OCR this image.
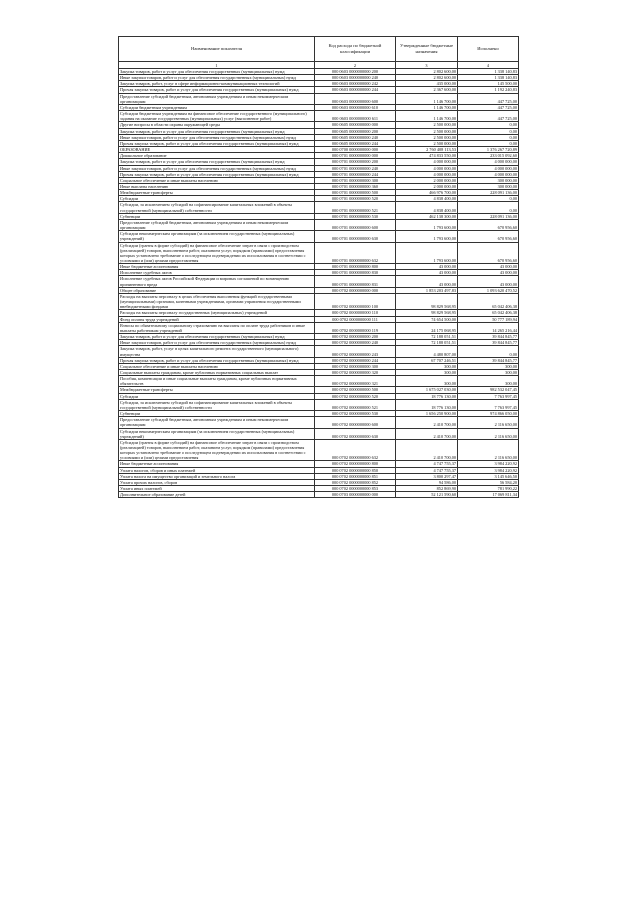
Наименование показателя	Код расхода по бюджетной классификации	Утвержденные бюджетные назначения	Исполнено
1	2	3	4
Закупка товаров, работ и услуг для обеспечения государственных (муниципальных) нужд	000 0603 0000000000 200	2 802 600,00	1 338 140,83
Иные закупки товаров, работ и услуг для обеспечения государственных (муниципальных) нужд	000 0603 0000000000 240	2 802 600,00	1 338 140,83
Закупка товаров, работ, услуг в сфере информационно-коммуникационных технологий	000 0603 0000000000 242	435 000,00	145 500,00
Прочая закупка товаров, работ и услуг для обеспечения государственных (муниципальных) нужд	000 0603 0000000000 244	2 367 600,00	1 192 240,83
Предоставление субсидий бюджетным, автономным учреждениям и иным некоммерческим организациям	000 0603 0000000000 600	1 146 700,00	447 725,00
Субсидии бюджетным учреждениям	000 0603 0000000000 610	1 146 700,00	447 725,00
Субсидии бюджетным учреждениям на финансовое обеспечение государственного (муниципального) задания на оказание государственных (муниципальных) услуг (выполнение работ)	000 0603 0000000000 611	1 146 700,00	447 725,00
Другие вопросы в области охраны окружающей среды	000 0605 0000000000 000	2 500 000,00	0,00
Закупка товаров, работ и услуг для обеспечения государственных (муниципальных) нужд	000 0605 0000000000 200	2 500 000,00	0,00
Иные закупки товаров, работ и услуг для обеспечения государственных (муниципальных) нужд	000 0605 0000000000 240	2 500 000,00	0,00
Прочая закупка товаров, работ и услуг для обеспечения государственных (муниципальных) нужд	000 0605 0000000000 244	2 500 000,00	0,00
ОБРАЗОВАНИЕ	000 0700 0000000000 000	2 760 408 113,53	1 376 267 720,89
Дошкольное образование	000 0701 0000000000 000	474 833 550,00	233 015 092,60
Закупка товаров, работ и услуг для обеспечения государственных (муниципальных) нужд	000 0701 0000000000 200	4 000 000,00	4 000 000,00
Иные закупки товаров, работ и услуг для обеспечения государственных (муниципальных) нужд	000 0701 0000000000 240	4 000 000,00	4 000 000,00
Прочая закупка товаров, работ и услуг для обеспечения государственных (муниципальных) нужд	000 0701 0000000000 244	4 000 000,00	4 000 000,00
Социальное обеспечение и иные выплаты населению	000 0701 0000000000 300	2 000 000,00	300 000,00
Иные выплаты населению	000 0701 0000000000 360	2 000 000,00	300 000,00
Межбюджетные трансферты	000 0701 0000000000 500	466 976 700,00	228 091 136,00
Субсидии	000 0701 0000000000 520	4 838 400,00	0,00
Субсидии, за исключением субсидий на софинансирование капитальных вложений в объекты государственной (муниципальной) собственности	000 0701 0000000000 521	4 838 400,00	0,00
Субвенции	000 0701 0000000000 530	462 138 300,00	228 091 136,00
Предоставление субсидий бюджетным, автономным учреждениям и иным некоммерческим организациям	000 0701 0000000000 600	1 793 600,00	670 956,60
Субсидии некоммерческим организациям (за исключением государственных (муниципальных) учреждений)	000 0701 0000000000 630	1 793 600,00	670 956,60
Субсидии (гранты в форме субсидий) на финансовое обеспечение затрат в связи с производством (реализацией) товаров, выполнением работ, оказанием услуг, порядком (правилами) предоставления которых установлено требование о последующем подтверждении их использования в соответствии с условиями и (или) целями предоставления	000 0701 0000000000 632	1 793 600,00	670 956,60
Иные бюджетные ассигнования	000 0701 0000000000 800	43 000,00	43 000,00
Исполнение судебных актов	000 0701 0000000000 830	43 000,00	43 000,00
Исполнение судебных актов Российской Федерации и мировых соглашений по возмещению причиненного вреда	000 0701 0000000000 831	43 000,00	43 000,00
Общее образование	000 0702 0000000000 000	1 853 203 497,83	1 093 620 470,52
Расходы на выплаты персоналу в целях обеспечения выполнения функций государственными (муниципальными) органами, казенными учреждениями, органами управления государственными внебюджетными фондами	000 0702 0000000000 100	98 829 568,95	65 042 406,38
Расходы на выплаты персоналу государственных (муниципальных) учреждений	000 0702 0000000000 110	98 829 568,95	65 042 406,38
Фонд оплаты труда учреждений	000 0702 0000000000 111	74 654 500,00	50 777 189,94
Взносы по обязательному социальному страхованию на выплаты по оплате труда работников и иные выплаты работникам учреждений	000 0702 0000000000 119	24 175 068,95	14 265 216,44
Закупка товаров, работ и услуг для обеспечения государственных (муниципальных) нужд	000 0702 0000000000 200	72 188 051,51	39 844 845,77
Иные закупки товаров, работ и услуг для обеспечения государственных (муниципальных) нужд	000 0702 0000000000 240	72 188 051,51	39 844 845,77
Закупка товаров, работ, услуг в целях капитального ремонта государственного (муниципального) имущества	000 0702 0000000000 243	4 480 807,00	0,00
Прочая закупка товаров, работ и услуг для обеспечения государственных (муниципальных) нужд	000 0702 0000000000 244	67 707 246,51	39 844 845,77
Социальное обеспечение и иные выплаты населению	000 0702 0000000000 300	300,00	300,00
Социальные выплаты гражданам, кроме публичных нормативных социальных выплат	000 0702 0000000000 320	300,00	300,00
Пособия, компенсации и иные социальные выплаты гражданам, кроме публичных нормативных обязательств	000 0702 0000000000 321	300,00	300,00
Межбюджетные трансферты	000 0702 0000000000 500	1 675 027 030,00	982 532 047,45
Субсидии	000 0702 0000000000 520	18 776 130,00	7 763 997,45
Субсидии, за исключением субсидий на софинансирование капитальных вложений в объекты государственной (муниципальной) собственности	000 0702 0000000000 521	18 776 130,00	7 763 997,45
Субвенции	000 0702 0000000000 530	1 656 250 900,00	974 866 050,00
Предоставление субсидий бюджетным, автономным учреждениям и иным некоммерческим организациям	000 0702 0000000000 600	2 410 700,00	2 116 650,00
Субсидии некоммерческим организациям (за исключением государственных (муниципальных) учреждений)	000 0702 0000000000 630	2 410 700,00	2 116 650,00
Субсидии (гранты в форме субсидий) на финансовое обеспечение затрат в связи с производством (реализацией) товаров, выполнением работ, оказанием услуг, порядком (правилами) предоставления которых установлено требование о последующем подтверждении их использования в соответствии с условиями и (или) целями предоставления	000 0702 0000000000 632	2 410 700,00	2 116 650,00
Иные бюджетные ассигнования	000 0702 0000000000 800	4 747 755,37	3 984 220,92
Уплата налогов, сборов и иных платежей	000 0702 0000000000 850	4 747 755,37	3 984 220,92
Уплата налога на имущество организаций и земельного налога	000 0702 0000000000 851	3 800 297,47	3 145 646,50
Уплата прочих налогов, сборов	000 0702 0000000000 852	94 586,00	56 584,20
Уплата иных платежей	000 0702 0000000000 853	852 869,90	781 990,22
Дополнительное образование детей	000 0703 0000000000 000	52 121 590,60	17 069 811,34
